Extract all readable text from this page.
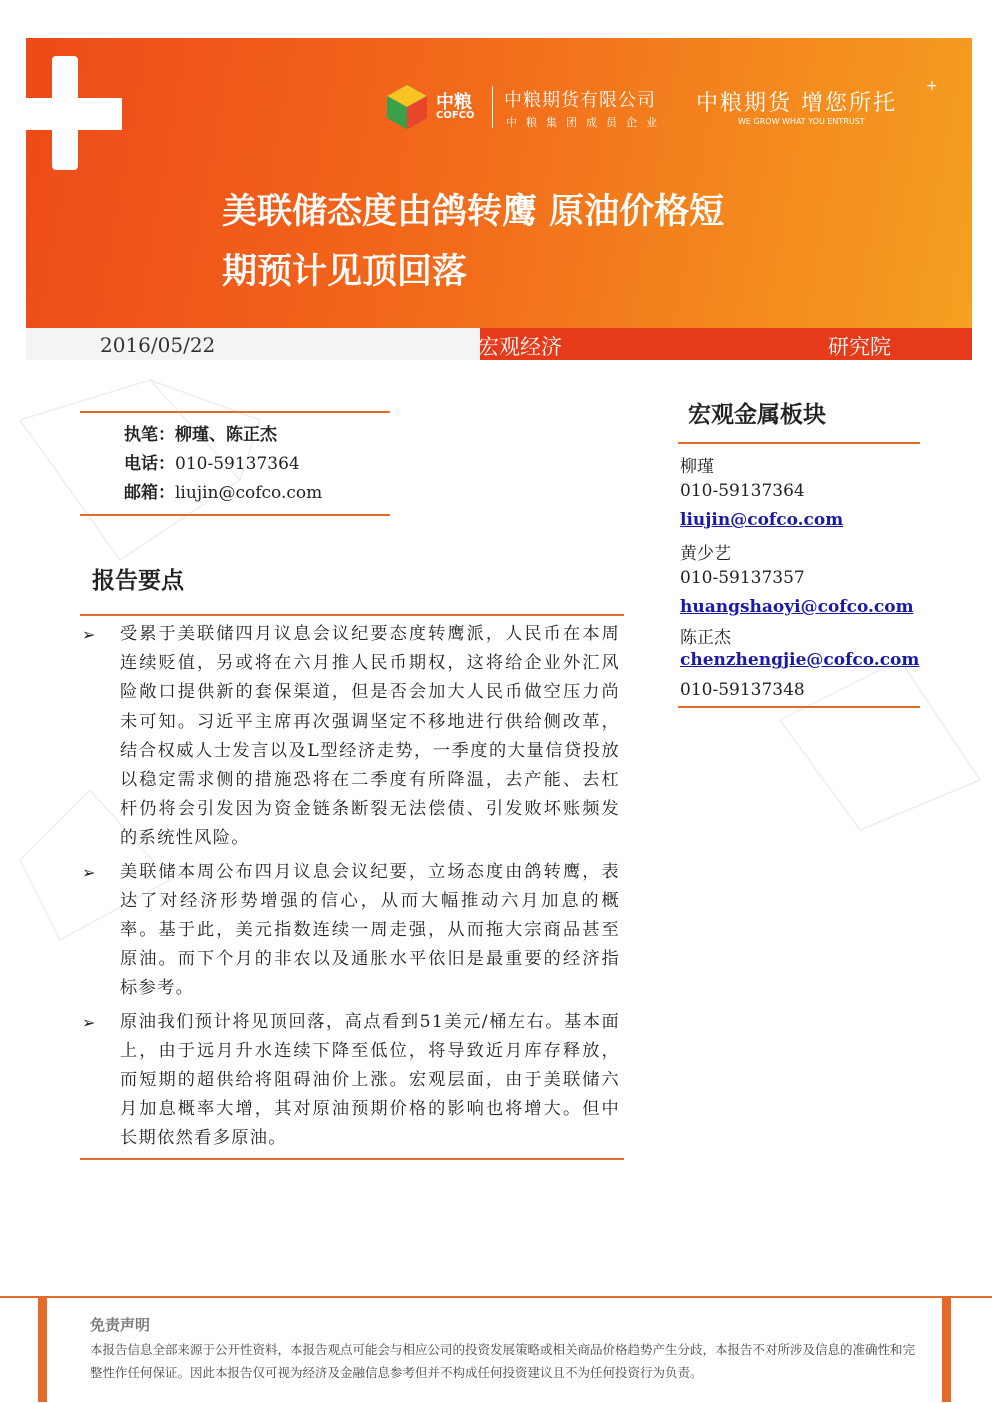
中粮
COFCO
中粮期货有限公司
中粮集团成员企业
中粮期货 增您所托
+
WE GROW WHAT YOU ENTRUST
美联储态度由鸽转鹰 原油价格短
期预计见顶回落
2016/05/22	宏观经济	研究院
执笔：柳瑾、陈正杰
电话：010-59137364
邮箱：liujin@cofco.com
报告要点
➢ 受累于美联储四月议息会议纪要态度转鹰派，人民币在本周连续贬值，另或将在六月推人民币期权，这将给企业外汇风险敞口提供新的套保渠道，但是否会加大人民币做空压力尚未可知。习近平主席再次强调坚定不移地进行供给侧改革，结合权威人士发言以及L型经济走势，一季度的大量信贷投放以稳定需求侧的措施恐将在二季度有所降温，去产能、去杠杆仍将会引发因为资金链条断裂无法偿债、引发败坏账频发的系统性风险。
➢ 美联储本周公布四月议息会议纪要，立场态度由鸽转鹰，表达了对经济形势增强的信心，从而大幅推动六月加息的概率。基于此，美元指数连续一周走强，从而拖大宗商品甚至原油。而下个月的非农以及通胀水平依旧是最重要的经济指标参考。
➢ 原油我们预计将见顶回落，高点看到51美元/桶左右。基本面上，由于远月升水连续下降至低位，将导致近月库存释放，而短期的超供给将阻碍油价上涨。宏观层面，由于美联储六月加息概率大增，其对原油预期价格的影响也将增大。但中长期依然看多原油。
宏观金属板块
柳瑾
010-59137364
liujin@cofco.com
黄少艺
010-59137357
huangshaoyi@cofco.com
陈正杰
chenzhengjie@cofco.com
010-59137348
免责声明
本报告信息全部来源于公开性资料，本报告观点可能会与相应公司的投资发展策略或相关商品价格趋势产生分歧，本报告不对所涉及信息的准确性和完整性作任何保证。因此本报告仅可视为经济及金融信息参考但并不构成任何投资建议且不为任何投资行为负责。
